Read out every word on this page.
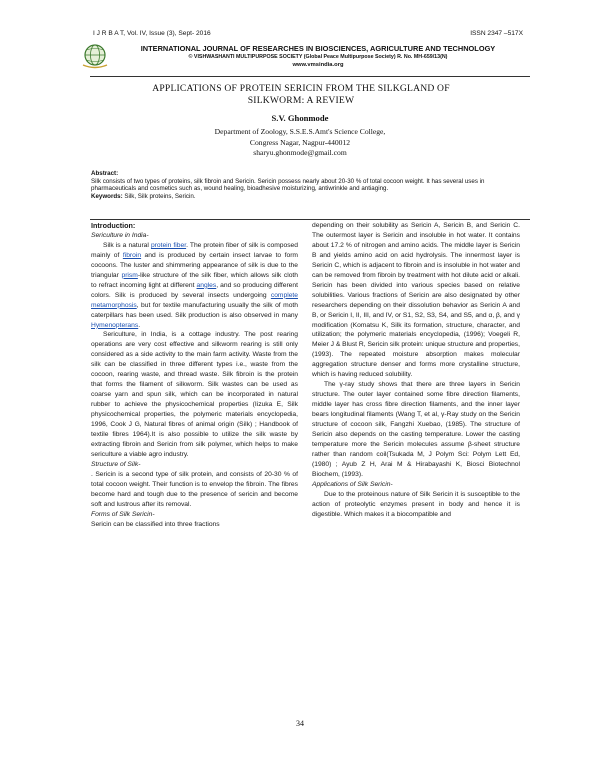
I J R B A T, Vol. IV, Issue (3), Sept- 2016	ISSN 2347 –517X
INTERNATIONAL JOURNAL OF RESEARCHES IN BIOSCIENCES, AGRICULTURE AND TECHNOLOGY
© VISHWASHANTI MULTIPURPOSE SOCIETY (Global Peace Multipurpose Society) R. No. MH-659/13(N)
www.vmsindia.org
APPLICATIONS OF PROTEIN SERICIN FROM THE SILKGLAND OF
SILKWORM: A REVIEW
S.V. Ghonmode
Department of Zoology, S.S.E.S.Amt's Science College,
Congress Nagar, Nagpur-440012
sharyu.ghonmode@gmail.com
Abstract:
Silk consists of two types of proteins, silk fibroin and Sericin. Sericin possess nearly about 20-30 % of total cocoon weight. It has several uses in pharmaceuticals and cosmetics such as, wound healing, bioadhesive moisturizing, antiwrinkle and antiaging.
Keywords: Silk, Silk proteins, Sericin.
Introduction:
Sericulture in India-

Silk is a natural protein fiber. The protein fiber of silk is composed mainly of fibroin and is produced by certain insect larvae to form cocoons. The luster and shimmering appearance of silk is due to the triangular prism-like structure of the silk fiber, which allows silk cloth to refract incoming light at different angles, and so producing different colors. Silk is produced by several insects undergoing complete metamorphosis, but for textile manufacturing usually the silk of moth caterpillars has been used. Silk production is also observed in many Hymenopterans.

Sericulture, in India, is a cottage industry. The post rearing operations are very cost effective and silkworm rearing is still only considered as a side activity to the main farm activity. Waste from the silk can be classified in three different types i.e., waste from the cocoon, rearing waste, and thread waste. Silk fibroin is the protein that forms the filament of silkworm. Silk wastes can be used as coarse yarn and spun silk, which can be incorporated in natural rubber to achieve the physicochemical properties (Iizuka E, Silk physicochemical properties, the polymeric materials encyclopedia, 1996, Cook J G, Natural fibres of animal origin (Silk) ; Handbook of textile fibres 1964).It is also possible to utilize the silk waste by extracting fibroin and Sericin from silk polymer, which helps to make sericulture a viable agro industry.

Structure of Silk-

. Sericin is a second type of silk protein, and consists of 20-30 % of total cocoon weight. Their function is to envelop the fibroin. The fibres become hard and tough due to the presence of sericin and become soft and lustrous after its removal.

Forms of Silk Sericin-

Sericin can be classified into three fractions

depending on their solubility as Sericin A, Sericin B, and Sericin C. The outermost layer is Sericin and insoluble in hot water. It contains about 17.2 % of nitrogen and amino acids. The middle layer is Sericin B and yields amino acid on acid hydrolysis. The innermost layer is Sericin C, which is adjacent to fibroin and is insoluble in hot water and can be removed from fibroin by treatment with hot dilute acid or alkali. Sericin has been divided into various species based on relative solubilities. Various fractions of Sericin are also designated by other researchers depending on their dissolution behavior as Sericin A and B, or Sericin I, II, III, and IV, or S1, S2, S3, S4, and S5, and α, β, and γ modification (Komatsu K, Silk its formation, structure, character, and utilization; the polymeric materials encyclopedia, (1996); Voegeli R, Meier J & Blust R, Sericin silk protein: unique structure and properties, (1993). The repeated moisture absorption makes molecular aggregation structure denser and forms more crystalline structure, which is having reduced solubility.

The γ-ray study shows that there are three layers in Sericin structure. The outer layer contained some fibre direction filaments, middle layer has cross fibre direction filaments, and the inner layer bears longitudinal filaments (Wang T, et al, γ-Ray study on the Sericin structure of cocoon silk, Fangzhi Xuebao, (1985). The structure of Sericin also depends on the casting temperature. Lower the casting temperature more the Sericin molecules assume β-sheet structure rather than random coil(Tsukada M, J Polym Sci: Polym Lett Ed, (1980) ; Ayub Z H, Arai M & Hirabayashi K, Biosci Biotechnol Biochem, (1993).

Applications of Silk Sericin-

Due to the proteinous nature of Silk Sericin it is susceptible to the action of proteolytic enzymes present in body and hence it is digestible. Which makes it a biocompatible and

34
